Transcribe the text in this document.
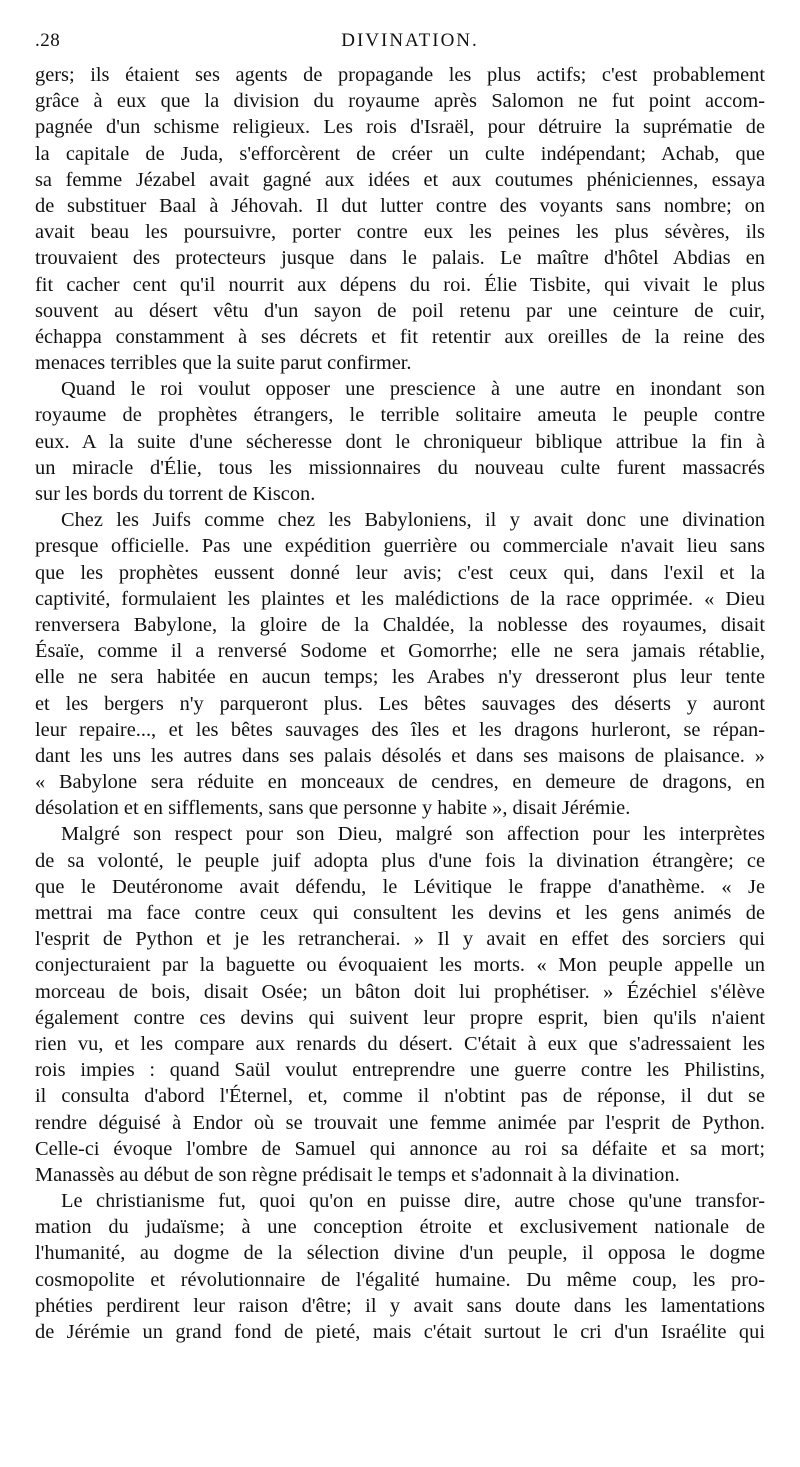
.28	DIVINATION.
gers; ils étaient ses agents de propagande les plus actifs; c'est probablement
grâce à eux que la division du royaume après Salomon ne fut point accom-
pagnée d'un schisme religieux. Les rois d'Israël, pour détruire la suprématie de
la capitale de Juda, s'efforcèrent de créer un culte indépendant; Achab, que
sa femme Jézabel avait gagné aux idées et aux coutumes phéniciennes, essaya
de substituer Baal à Jéhovah. Il dut lutter contre des voyants sans nombre; on
avait beau les poursuivre, porter contre eux les peines les plus sévères, ils
trouvaient des protecteurs jusque dans le palais. Le maître d'hôtel Abdias en
fit cacher cent qu'il nourrit aux dépens du roi. Élie Tisbite, qui vivait le plus
souvent au désert vêtu d'un sayon de poil retenu par une ceinture de cuir,
échappa constamment à ses décrets et fit retentir aux oreilles de la reine des
menaces terribles que la suite parut confirmer.
Quand le roi voulut opposer une prescience à une autre en inondant son
royaume de prophètes étrangers, le terrible solitaire ameuta le peuple contre
eux. A la suite d'une sécheresse dont le chroniqueur biblique attribue la fin à
un miracle d'Élie, tous les missionnaires du nouveau culte furent massacrés
sur les bords du torrent de Kiscon.
Chez les Juifs comme chez les Babyloniens, il y avait donc une divination
presque officielle. Pas une expédition guerrière ou commerciale n'avait lieu sans
que les prophètes eussent donné leur avis; c'est ceux qui, dans l'exil et la
captivité, formulaient les plaintes et les malédictions de la race opprimée. « Dieu
renversera Babylone, la gloire de la Chaldée, la noblesse des royaumes, disait
Ésaïe, comme il a renversé Sodome et Gomorrhe; elle ne sera jamais rétablie,
elle ne sera habitée en aucun temps; les Arabes n'y dresseront plus leur tente
et les bergers n'y parqueront plus. Les bêtes sauvages des déserts y auront
leur repaire..., et les bêtes sauvages des îles et les dragons hurleront, se répan-
dant les uns les autres dans ses palais désolés et dans ses maisons de plaisance. »
« Babylone sera réduite en monceaux de cendres, en demeure de dragons, en
désolation et en sifflements, sans que personne y habite », disait Jérémie.
Malgré son respect pour son Dieu, malgré son affection pour les interprètes
de sa volonté, le peuple juif adopta plus d'une fois la divination étrangère; ce
que le Deutéronome avait défendu, le Lévitique le frappe d'anathème. « Je
mettrai ma face contre ceux qui consultent les devins et les gens animés de
l'esprit de Python et je les retrancherai. » Il y avait en effet des sorciers qui
conjecturaient par la baguette ou évoquaient les morts. « Mon peuple appelle un
morceau de bois, disait Osée; un bâton doit lui prophétiser. » Ézéchiel s'élève
également contre ces devins qui suivent leur propre esprit, bien qu'ils n'aient
rien vu, et les compare aux renards du désert. C'était à eux que s'adressaient les
rois impies : quand Saül voulut entreprendre une guerre contre les Philistins,
il consulta d'abord l'Éternel, et, comme il n'obtint pas de réponse, il dut se
rendre déguisé à Endor où se trouvait une femme animée par l'esprit de Python.
Celle-ci évoque l'ombre de Samuel qui annonce au roi sa défaite et sa mort;
Manassès au début de son règne prédisait le temps et s'adonnait à la divination.
Le christianisme fut, quoi qu'on en puisse dire, autre chose qu'une transfor-
mation du judaïsme; à une conception étroite et exclusivement nationale de
l'humanité, au dogme de la sélection divine d'un peuple, il opposa le dogme
cosmopolite et révolutionnaire de l'égalité humaine. Du même coup, les pro-
phéties perdirent leur raison d'être; il y avait sans doute dans les lamentations
de Jérémie un grand fond de pieté, mais c'était surtout le cri d'un Israélite qui
